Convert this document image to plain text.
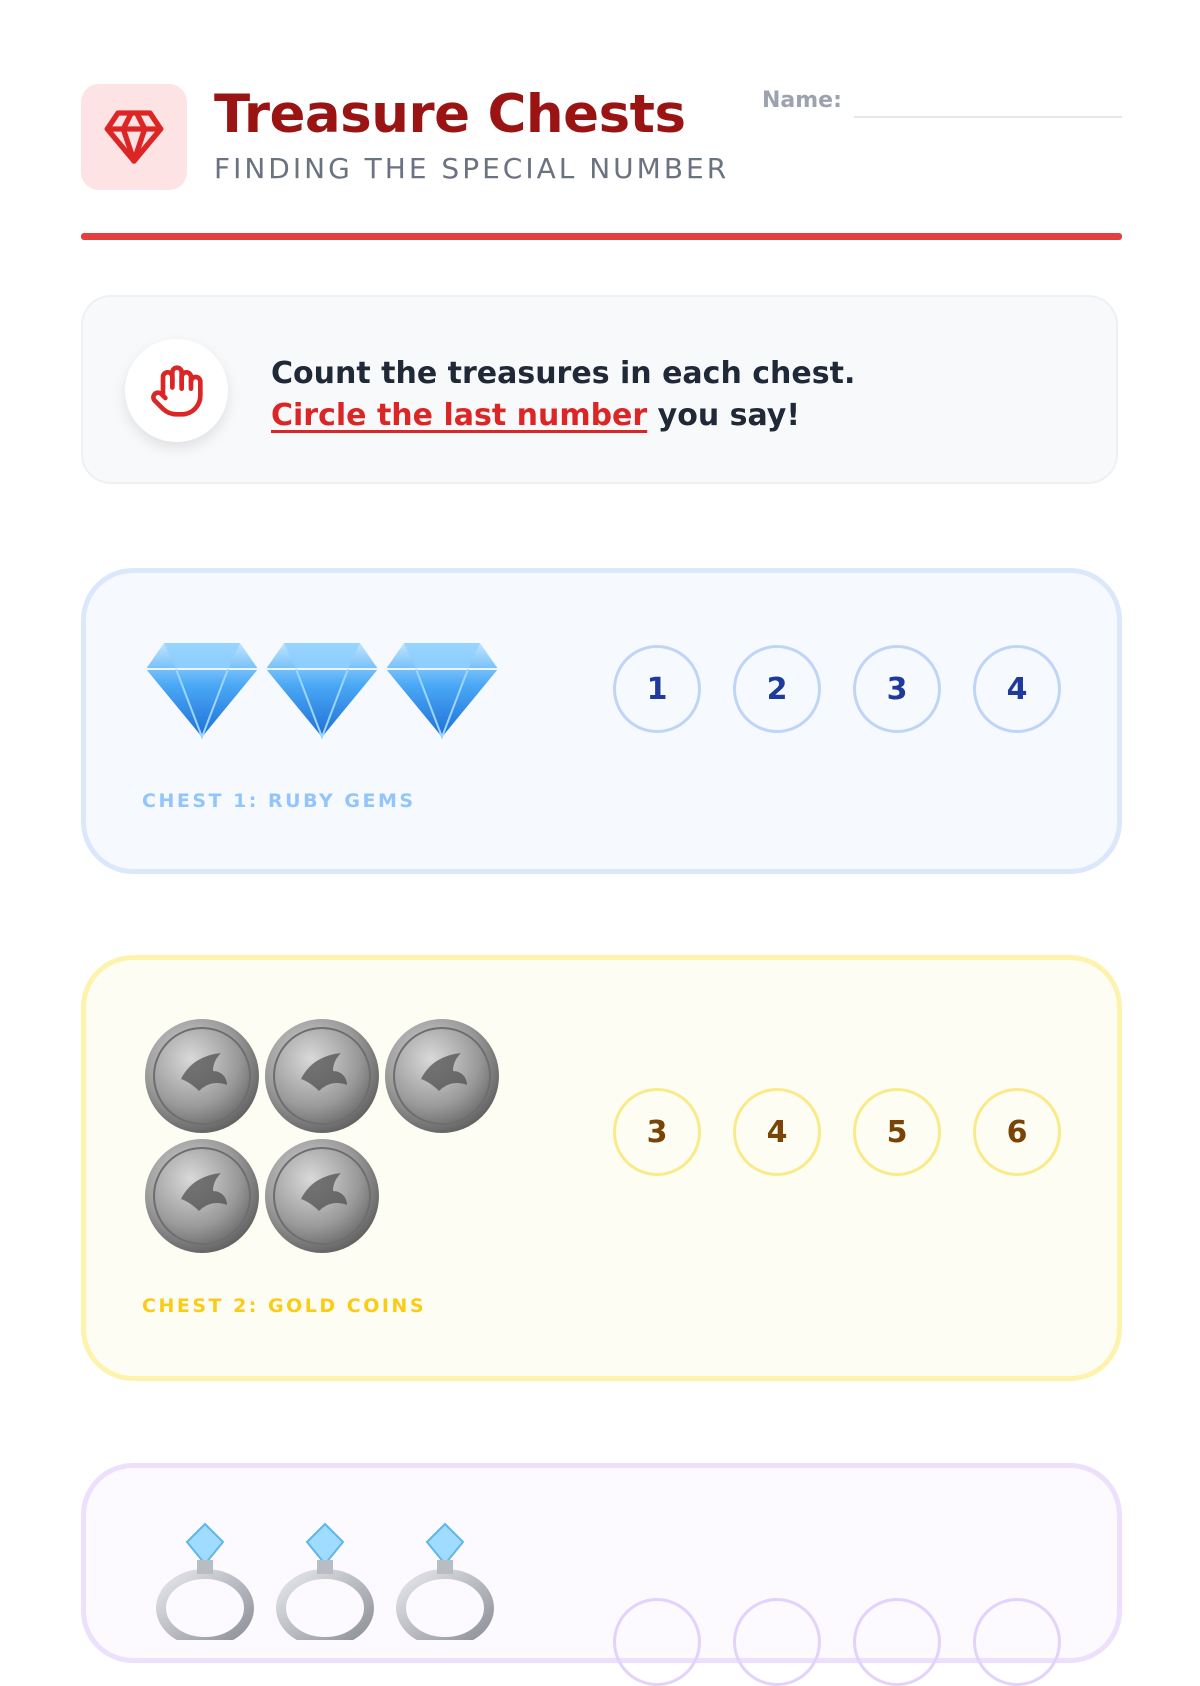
Treasure Chests
FINDING THE SPECIAL NUMBER
Name:
Count the treasures in each chest.
Circle the last number you say!
1	2	3	4
CHEST 1: RUBY GEMS
3	4	5	6
CHEST 2: GOLD COINS
